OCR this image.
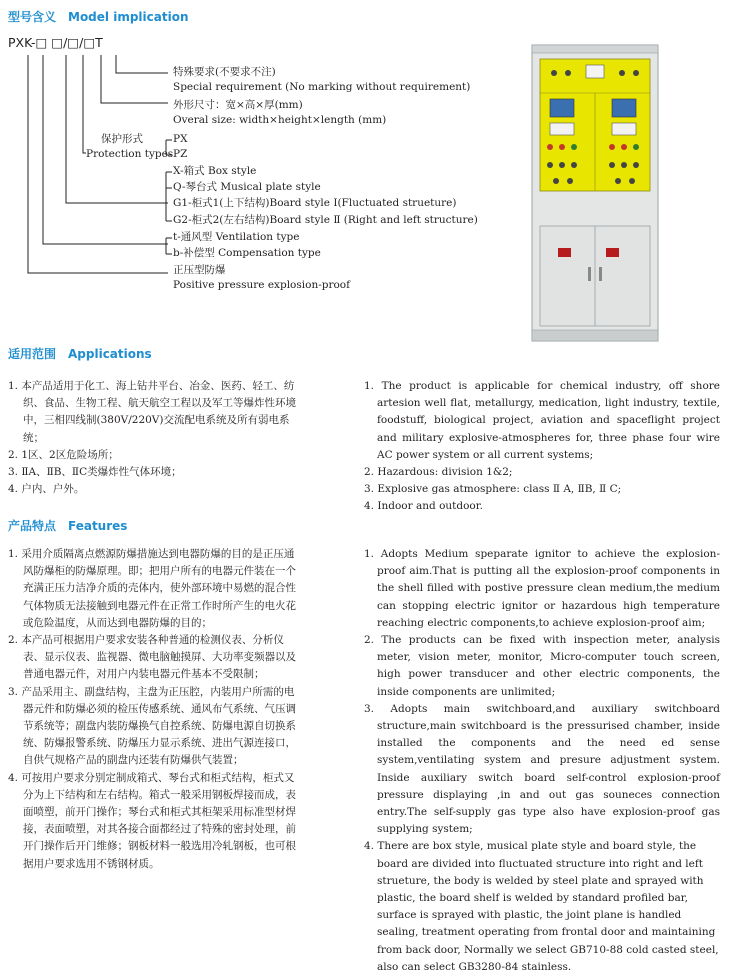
型号含义　Model implication
适用范围　Applications
产品特点　Features
PXK-□ □/□/□T
特殊要求(不要求不注)
Special requirement (No marking without requirement)
外形尺寸：宽×高×厚(mm)
Overal size: width×height×length (mm)
保护形式
Protection types
PX
PZ
X-箱式 Box style
Q-琴台式 Musical plate style
G1-柜式1(上下结构)Board style Ⅰ(Fluctuated strueture)
G2-柜式2(左右结构)Board style Ⅱ (Right and left structure)
t-通风型 Ventilation type
b-补偿型 Compensation type
正压型防爆
Positive pressure explosion-proof

1. 本产品适用于化工、海上钻井平台、冶金、医药、轻工、纺织、食品、生物工程、航天航空工程以及军工等爆炸性环境中，三相四线制(380V/220V)交流配电系统及所有弱电系统；

2. 1区、2区危险场所；

3. ⅡA、ⅡB、ⅡC类爆炸性气体环境；

4. 户内、户外。

1. The product is applicable for chemical industry, off shore artesion well flat, metallurgy, medication, light industry, textile, foodstuff, biological project, aviation and spaceflight project and military explosive-atmospheres for, three phase four wire AC power system or all current systems;

2. Hazardous: division 1&2;

3. Explosive gas atmosphere: class Ⅱ A, ⅡB, Ⅱ C;

4. Indoor and outdoor.

1. 采用介质隔离点燃源防爆措施达到电器防爆的目的是正压通风防爆柜的防爆原理。即；把用户所有的电器元件装在一个充满正压力洁净介质的壳体内，使外部环境中易燃的混合性气体物质无法接触到电器元件在正常工作时所产生的电火花或危险温度，从而达到电器防爆的目的；

2. 本产品可根据用户要求安装各种普通的检测仪表、分析仪表、显示仪表、监视器、微电脑触摸屏、大功率变频器以及普通电器元件，对用户内装电器元件基本不受限制；

3. 产品采用主、副盘结构，主盘为正压腔，内装用户所需的电器元件和防爆必须的检压传感系统、通风布气系统、气压调节系统等；副盘内装防爆换气自控系统、防爆电源自切换系统、防爆报警系统、防爆压力显示系统、进出气源连接口，自供气规格产品的副盘内还装有防爆供气装置；

4. 可按用户要求分别定制成箱式、琴台式和柜式结构，柜式又分为上下结构和左右结构。箱式一般采用钢板焊接而成，表面喷塑，前开门操作；琴台式和柜式其柜架采用标准型材焊接，表面喷塑，对其各接合面都经过了特殊的密封处理，前开门操作后开门维修；钢板材料一般选用冷轧钢板，也可根据用户要求选用不锈钢材质。

1. Adopts Medium speparate ignitor to achieve the explosion-proof aim.That is putting all the explosion-proof components in the shell filled with postive pressure clean medium,the medium can stopping electric ignitor or hazardous high temperature reaching electric components,to achieve explosion-proof aim;

2. The products can be fixed with inspection meter, analysis meter, vision meter, monitor, Micro-computer touch screen, high power transducer and other electric components, the inside components are unlimited;

3. Adopts main switchboard,and auxiliary switchboard structure,main switchboard is the pressurised chamber, inside installed the components and the need ed sense system,ventilating system and presure adjustment system. Inside auxiliary switch board self-control explosion-proof pressure displaying ,in and out gas souneces connection entry.The self-supply gas type also have explosion-proof gas supplying system;

4. There are box style, musical plate style and board style, the board are divided into fluctuated structure into right and left strueture, the body is welded by steel plate and sprayed with plastic, the board shelf is welded by standard profiled bar, surface is sprayed with plastic, the joint plane is handled sealing, treatment operating from frontal door and maintaining from back door, Normally we select GB710-88 cold casted steel, also can select GB3280-84 stainless.
